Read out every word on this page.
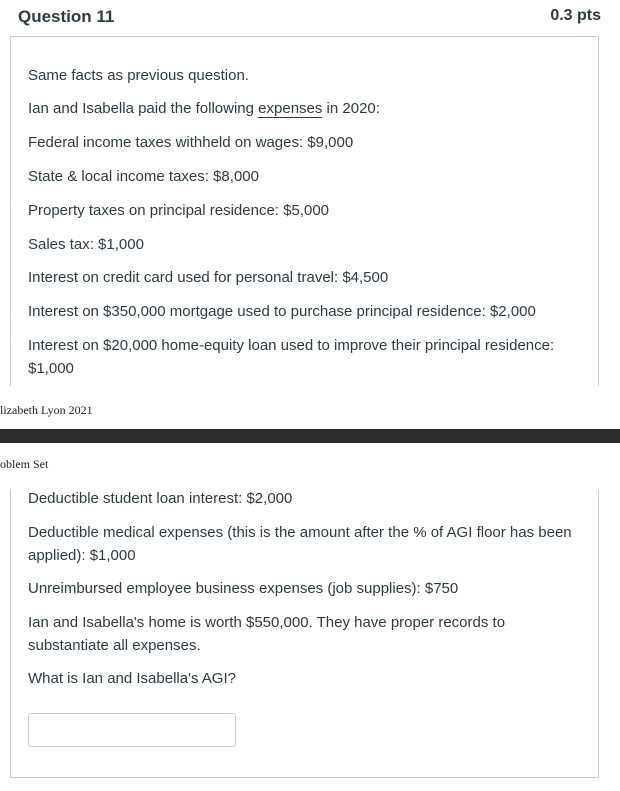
Question 11	0.3 pts
Same facts as previous question.
Ian and Isabella paid the following expenses in 2020:
Federal income taxes withheld on wages: $9,000
State & local income taxes: $8,000
Property taxes on principal residence: $5,000
Sales tax: $1,000
Interest on credit card used for personal travel: $4,500
Interest on $350,000 mortgage used to purchase principal residence: $2,000
Interest on $20,000 home-equity loan used to improve their principal residence: $1,000
lizabeth Lyon 2021
oblem Set
Deductible student loan interest: $2,000
Deductible medical expenses (this is the amount after the % of AGI floor has been applied): $1,000
Unreimbursed employee business expenses (job supplies): $750
Ian and Isabella's home is worth $550,000. They have proper records to substantiate all expenses.
What is Ian and Isabella's AGI?
